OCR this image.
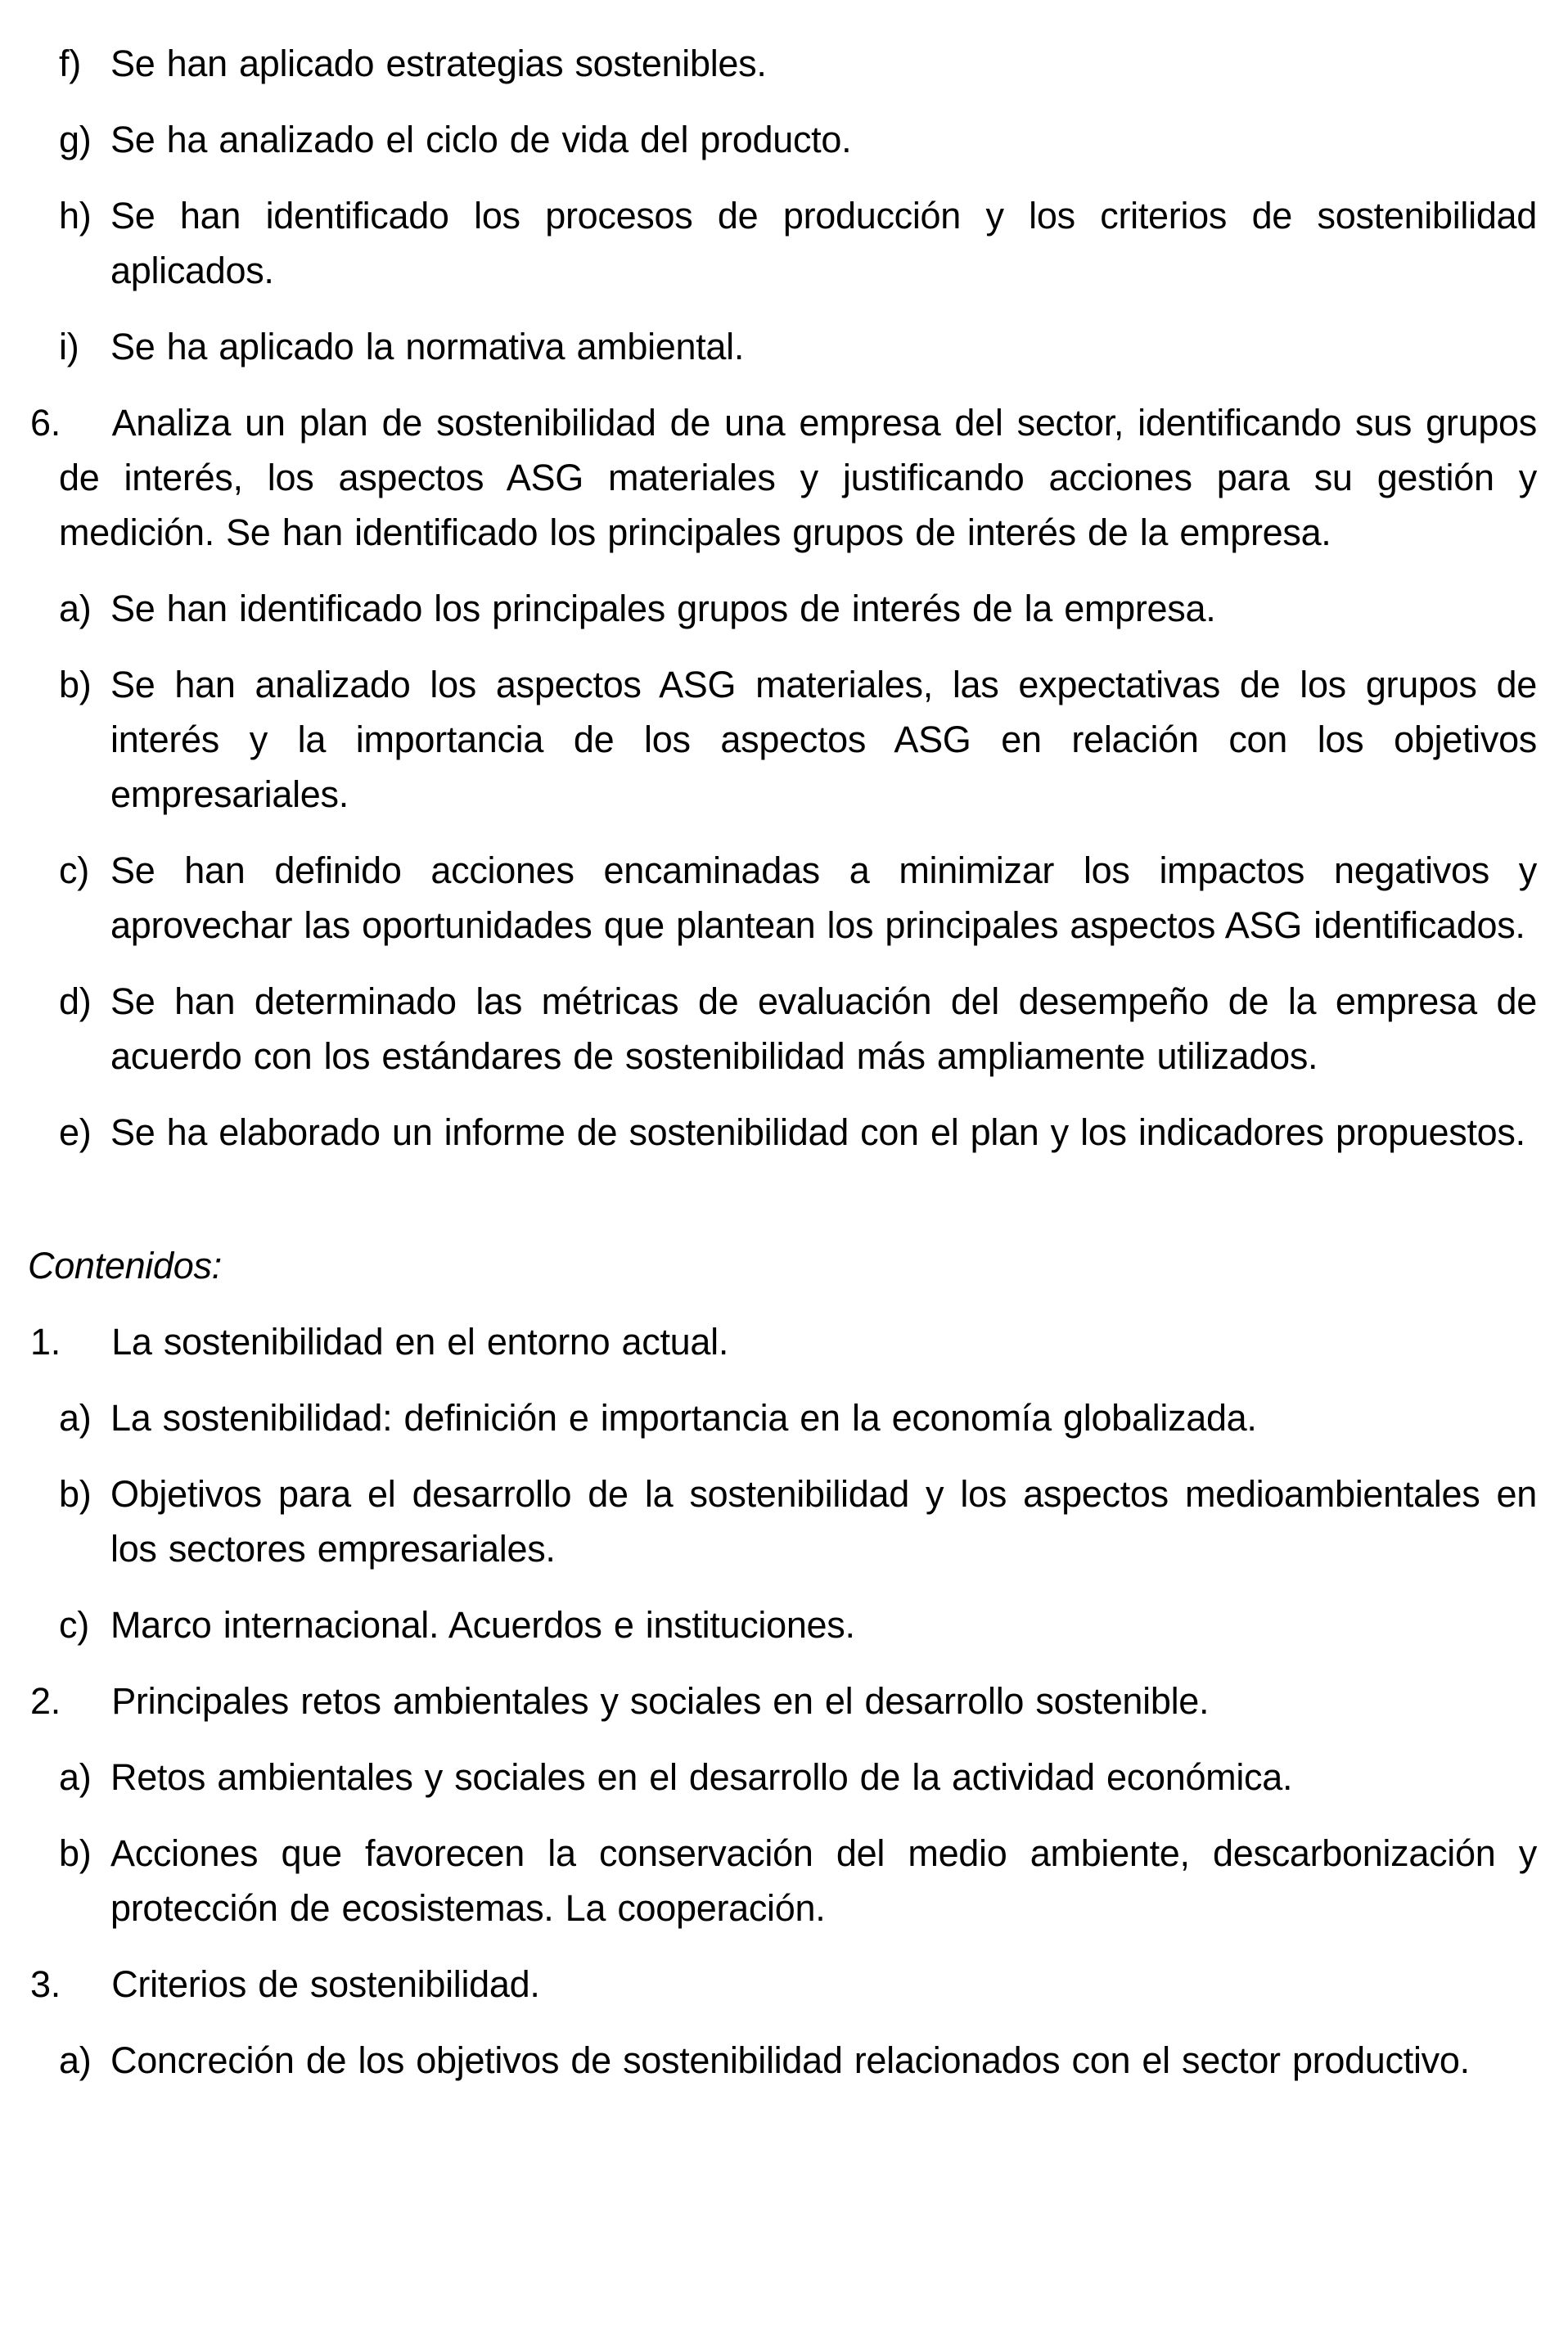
f) Se han aplicado estrategias sostenibles.

g) Se ha analizado el ciclo de vida del producto.

h) Se han identificado los procesos de producción y los criterios de sostenibilidad aplicados.

i) Se ha aplicado la normativa ambiental.

6. Analiza un plan de sostenibilidad de una empresa del sector, identificando sus grupos de interés, los aspectos ASG materiales y justificando acciones para su gestión y medición. Se han identificado los principales grupos de interés de la empresa.

a) Se han identificado los principales grupos de interés de la empresa.

b) Se han analizado los aspectos ASG materiales, las expectativas de los grupos de interés y la importancia de los aspectos ASG en relación con los objetivos empresariales.

c) Se han definido acciones encaminadas a minimizar los impactos negativos y aprovechar las oportunidades que plantean los principales aspectos ASG identificados.

d) Se han determinado las métricas de evaluación del desempeño de la empresa de acuerdo con los estándares de sostenibilidad más ampliamente utilizados.

e) Se ha elaborado un informe de sostenibilidad con el plan y los indicadores propuestos.

Contenidos:

1. La sostenibilidad en el entorno actual.

a) La sostenibilidad: definición e importancia en la economía globalizada.

b) Objetivos para el desarrollo de la sostenibilidad y los aspectos medioambientales en los sectores empresariales.

c) Marco internacional. Acuerdos e instituciones.

2. Principales retos ambientales y sociales en el desarrollo sostenible.

a) Retos ambientales y sociales en el desarrollo de la actividad económica.

b) Acciones que favorecen la conservación del medio ambiente, descarbonización y protección de ecosistemas. La cooperación.

3. Criterios de sostenibilidad.

a) Concreción de los objetivos de sostenibilidad relacionados con el sector productivo.
